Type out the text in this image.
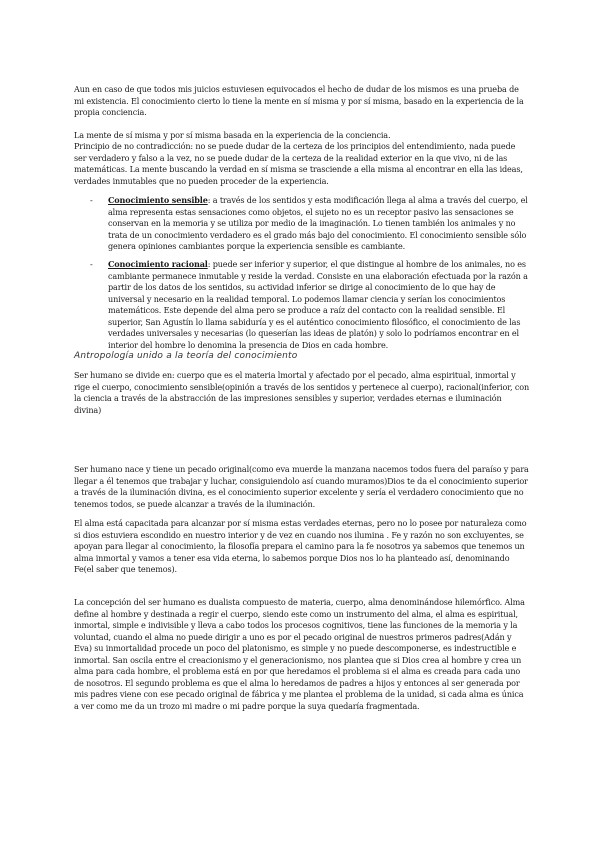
Aun en caso de que todos mis juicios estuviesen equivocados el hecho de dudar de los mismos es una prueba de mi existencia. El conocimiento cierto lo tiene la mente en sí misma y por sí misma, basado en la experiencia de la propia conciencia.

La mente de sí misma y por sí misma basada en la experiencia de la conciencia.

Principio de no contradicción: no se puede dudar de la certeza de los principios del entendimiento, nada puede ser verdadero y falso a la vez, no se puede dudar de la certeza de la realidad exterior en la que vivo, ni de las matemáticas. La mente buscando la verdad en sí misma se trasciende a ella misma al encontrar en ella las ideas, verdades inmutables que no pueden proceder de la experiencia.

- Conocimiento sensible: a través de los sentidos y esta modificación llega al alma a través del cuerpo, el alma representa estas sensaciones como objetos, el sujeto no es un receptor pasivo las sensaciones se conservan en la memoria y se utiliza por medio de la imaginación. Lo tienen también los animales y no trata de un conocimiento verdadero es el grado más bajo del conocimiento. El conocimiento sensible sólo genera opiniones cambiantes porque la experiencia sensible es cambiante.
- Conocimiento racional: puede ser inferior y superior, el que distingue al hombre de los animales, no es cambiante permanece inmutable y reside la verdad. Consiste en una elaboración efectuada por la razón a partir de los datos de los sentidos, su actividad inferior se dirige al conocimiento de lo que hay de universal y necesario en la realidad temporal. Lo podemos llamar ciencia y serían los conocimientos matemáticos. Este depende del alma pero se produce a raíz del contacto con la realidad sensible. El superior, San Agustín lo llama sabiduría y es el auténtico conocimiento filosófico, el conocimiento de las verdades universales y necesarias (lo queserían las ideas de platón) y solo lo podríamos encontrar en el interior del hombre lo denomina la presencia de Dios en cada hombre.
Antropología unido a la teoría del conocimiento

Ser humano se divide en: cuerpo que es el materia lmortal y afectado por el pecado, alma espiritual, inmortal y rige el cuerpo, conocimiento sensible(opinión a través de los sentidos y pertenece al cuerpo), racional(inferior, con la ciencia a través de la abstracción de las impresiones sensibles y superior, verdades eternas e iluminación divina)

Ser humano nace y tiene un pecado original(como eva muerde la manzana nacemos todos fuera del paraíso y para llegar a él tenemos que trabajar y luchar, consiguiendolo así cuando muramos)Dios te da el conocimiento superior a través de la iluminación divina, es el conocimiento superior excelente y sería el verdadero conocimiento que no tenemos todos, se puede alcanzar a través de la iluminación.

El alma está capacitada para alcanzar por sí misma estas verdades eternas, pero no lo posee por naturaleza como si dios estuviera escondido en nuestro interior y de vez en cuando nos ilumina . Fe y razón no son excluyentes, se apoyan para llegar al conocimiento, la filosofía prepara el camino para la fe nosotros ya sabemos que tenemos un alma inmortal y vamos a tener esa vida eterna, lo sabemos porque Dios nos lo ha planteado así, denominando Fe(el saber que tenemos).

La concepción del ser humano es dualista compuesto de materia, cuerpo, alma denominándose hilemórfico. Alma define al hombre y destinada a regir el cuerpo, siendo este como un instrumento del alma, el alma es espiritual, inmortal, simple e indivisible y lleva a cabo todos los procesos cognitivos, tiene las funciones de la memoria y la voluntad, cuando el alma no puede dirigir a uno es por el pecado original de nuestros primeros padres(Adán y Eva) su inmortalidad procede un poco del platonismo, es simple y no puede descomponerse, es indestructible e inmortal. San oscila entre el creacionismo y el generacionismo, nos plantea que si Dios crea al hombre y crea un alma para cada hombre, el problema está en por que heredamos el problema si el alma es creada para cada uno de nosotros. El segundo problema es que el alma lo heredamos de padres a hijos y entonces al ser generada por mis padres viene con ese pecado original de fábrica y me plantea el problema de la unidad, si cada alma es única a ver como me da un trozo mi madre o mi padre porque la suya quedaría fragmentada.
